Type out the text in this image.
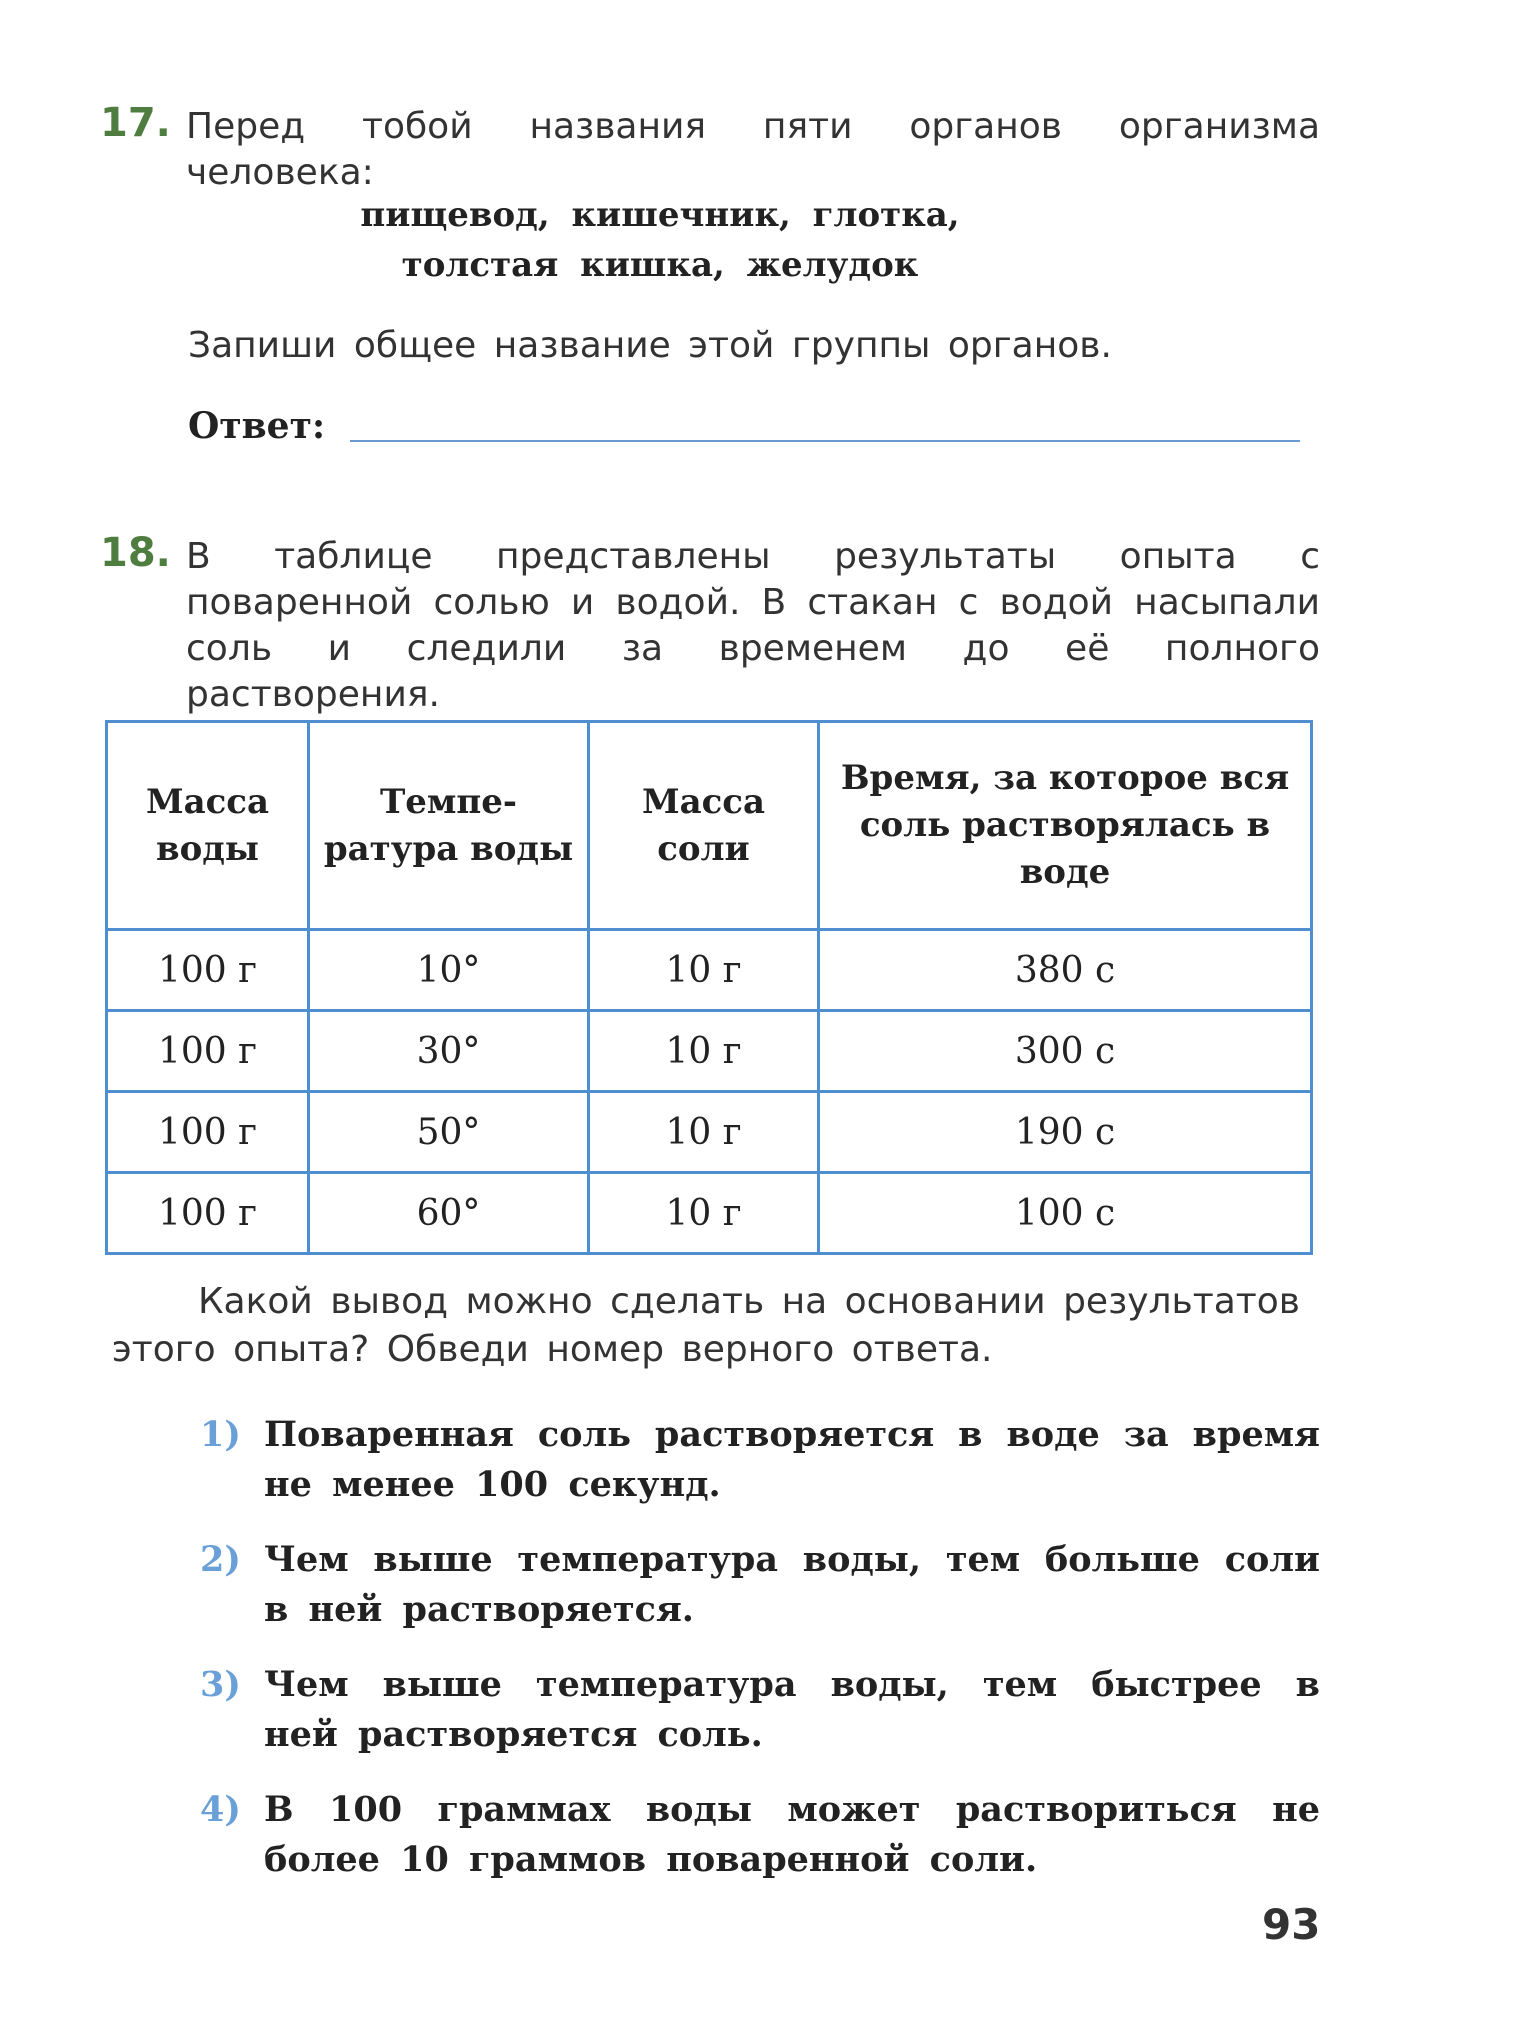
17. Перед тобой названия пяти органов организма человека:
пищевод, кишечник, глотка,
толстая кишка, желудок
Запиши общее название этой группы органов.
Ответ:
18. В таблице представлены результаты опыта с поваренной солью и водой. В стакан с водой насыпали соль и следили за временем до её полного растворения.
Масса воды	Темпе- ратура воды	Масса соли	Время, за которое вся соль растворялась в воде
100 г	10°	10 г	380 с
100 г	30°	10 г	300 с
100 г	50°	10 г	190 с
100 г	60°	10 г	100 с
Какой вывод можно сделать на основании результатов
этого опыта? Обведи номер верного ответа.
1) Поваренная соль растворяется в воде за время не менее 100 секунд.
2) Чем выше температура воды, тем больше соли в ней растворяется.
3) Чем выше температура воды, тем быстрее в ней растворяется соль.
4) В 100 граммах воды может раствориться не более 10 граммов поваренной соли.
93
